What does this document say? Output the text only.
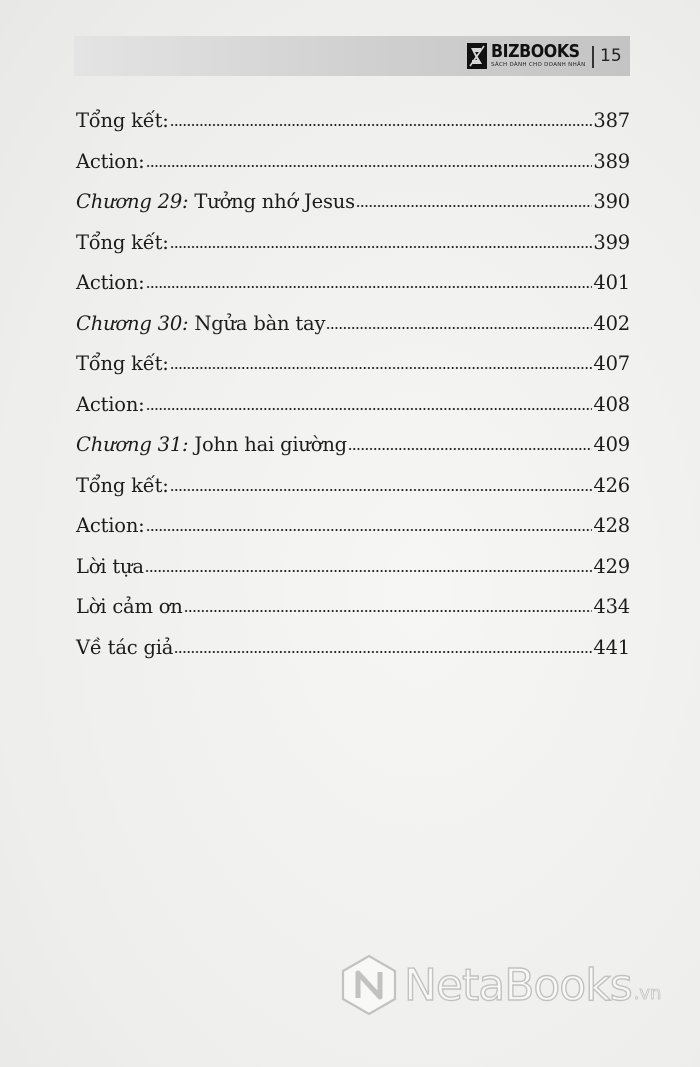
BIZBOOKS
SÁCH DÀNH CHO DOANH NHÂN 15
Tổng kết:	387
Action:	389
Chương 29: Tưởng nhớ Jesus	390
Tổng kết:	399
Action:	401
Chương 30: Ngửa bàn tay	402
Tổng kết:	407
Action:	408
Chương 31: John hai giường	409
Tổng kết:	426
Action:	428
Lời tựa	429
Lời cảm ơn	434
Về tác giả	441
NetaBooks .vn
